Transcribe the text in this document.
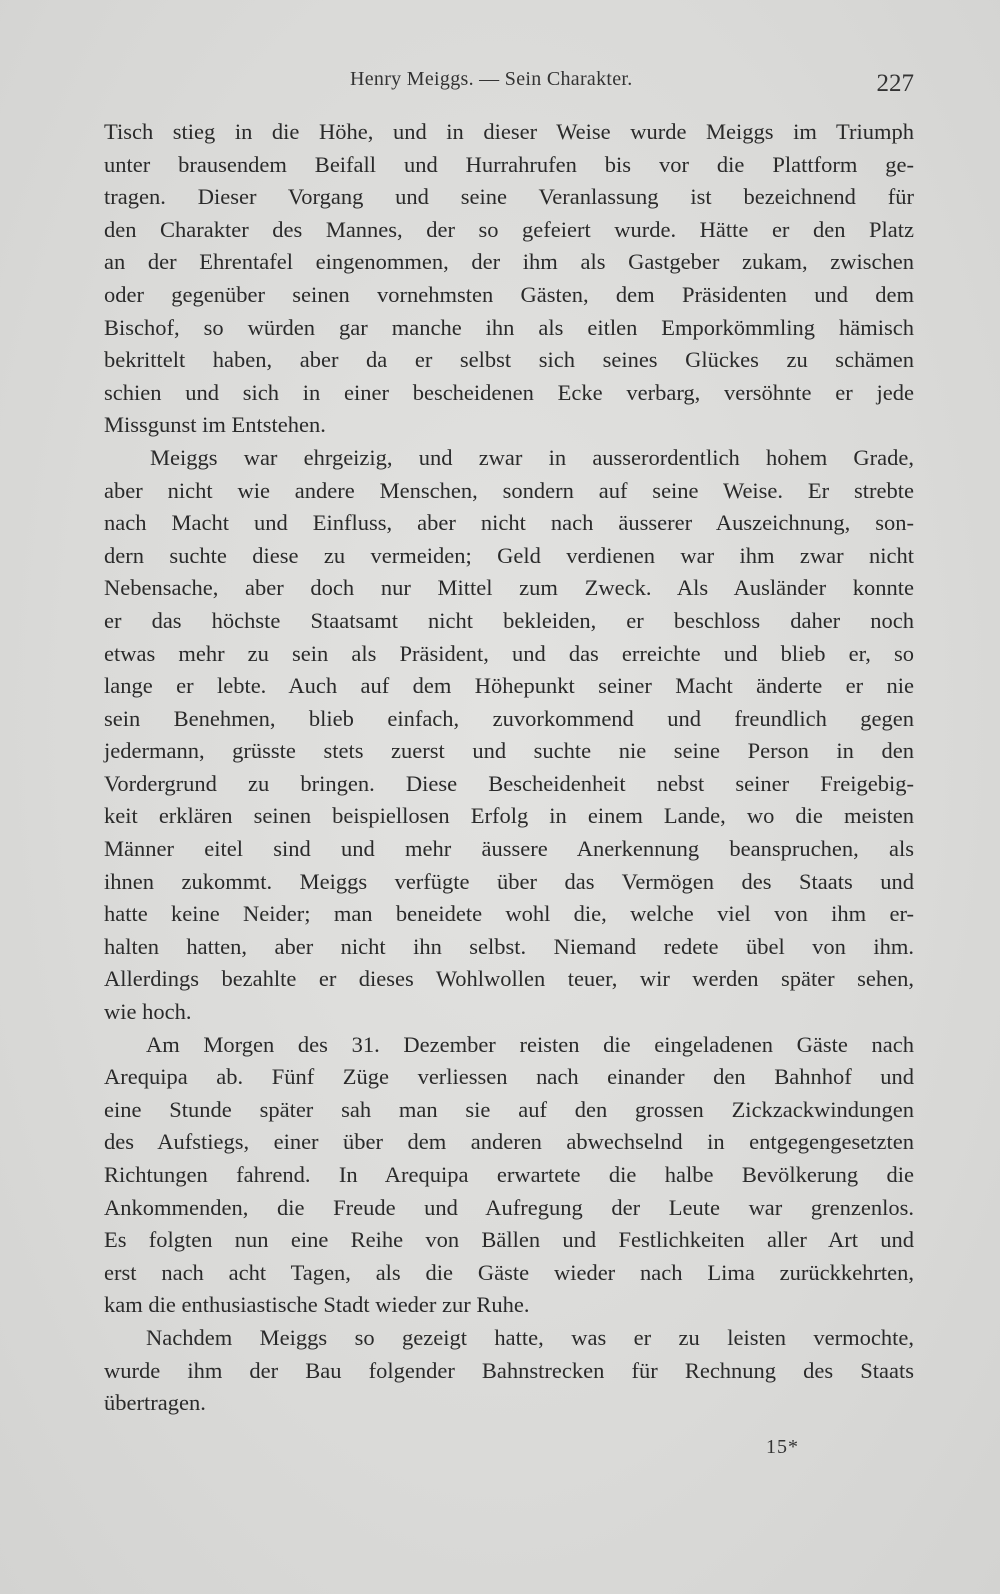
Henry Meiggs. — Sein Charakter.	227
Tisch stieg in die Höhe, und in dieser Weise wurde Meiggs im Triumph
unter brausendem Beifall und Hurrahrufen bis vor die Plattform ge-
tragen. Dieser Vorgang und seine Veranlassung ist bezeichnend für
den Charakter des Mannes, der so gefeiert wurde. Hätte er den Platz
an der Ehrentafel eingenommen, der ihm als Gastgeber zukam, zwischen
oder gegenüber seinen vornehmsten Gästen, dem Präsidenten und dem
Bischof, so würden gar manche ihn als eitlen Emporkömmling hämisch
bekrittelt haben, aber da er selbst sich seines Glückes zu schämen
schien und sich in einer bescheidenen Ecke verbarg, versöhnte er jede
Missgunst im Entstehen.
Meiggs war ehrgeizig, und zwar in ausserordentlich hohem Grade,
aber nicht wie andere Menschen, sondern auf seine Weise. Er strebte
nach Macht und Einfluss, aber nicht nach äusserer Auszeichnung, son-
dern suchte diese zu vermeiden; Geld verdienen war ihm zwar nicht
Nebensache, aber doch nur Mittel zum Zweck. Als Ausländer konnte
er das höchste Staatsamt nicht bekleiden, er beschloss daher noch
etwas mehr zu sein als Präsident, und das erreichte und blieb er, so
lange er lebte. Auch auf dem Höhepunkt seiner Macht änderte er nie
sein Benehmen, blieb einfach, zuvorkommend und freundlich gegen
jedermann, grüsste stets zuerst und suchte nie seine Person in den
Vordergrund zu bringen. Diese Bescheidenheit nebst seiner Freigebig-
keit erklären seinen beispiellosen Erfolg in einem Lande, wo die meisten
Männer eitel sind und mehr äussere Anerkennung beanspruchen, als
ihnen zukommt. Meiggs verfügte über das Vermögen des Staats und
hatte keine Neider; man beneidete wohl die, welche viel von ihm er-
halten hatten, aber nicht ihn selbst. Niemand redete übel von ihm.
Allerdings bezahlte er dieses Wohlwollen teuer, wir werden später sehen,
wie hoch.
Am Morgen des 31. Dezember reisten die eingeladenen Gäste nach
Arequipa ab. Fünf Züge verliessen nach einander den Bahnhof und
eine Stunde später sah man sie auf den grossen Zickzackwindungen
des Aufstiegs, einer über dem anderen abwechselnd in entgegengesetzten
Richtungen fahrend. In Arequipa erwartete die halbe Bevölkerung die
Ankommenden, die Freude und Aufregung der Leute war grenzenlos.
Es folgten nun eine Reihe von Bällen und Festlichkeiten aller Art und
erst nach acht Tagen, als die Gäste wieder nach Lima zurückkehrten,
kam die enthusiastische Stadt wieder zur Ruhe.
Nachdem Meiggs so gezeigt hatte, was er zu leisten vermochte,
wurde ihm der Bau folgender Bahnstrecken für Rechnung des Staats
übertragen.
15*
